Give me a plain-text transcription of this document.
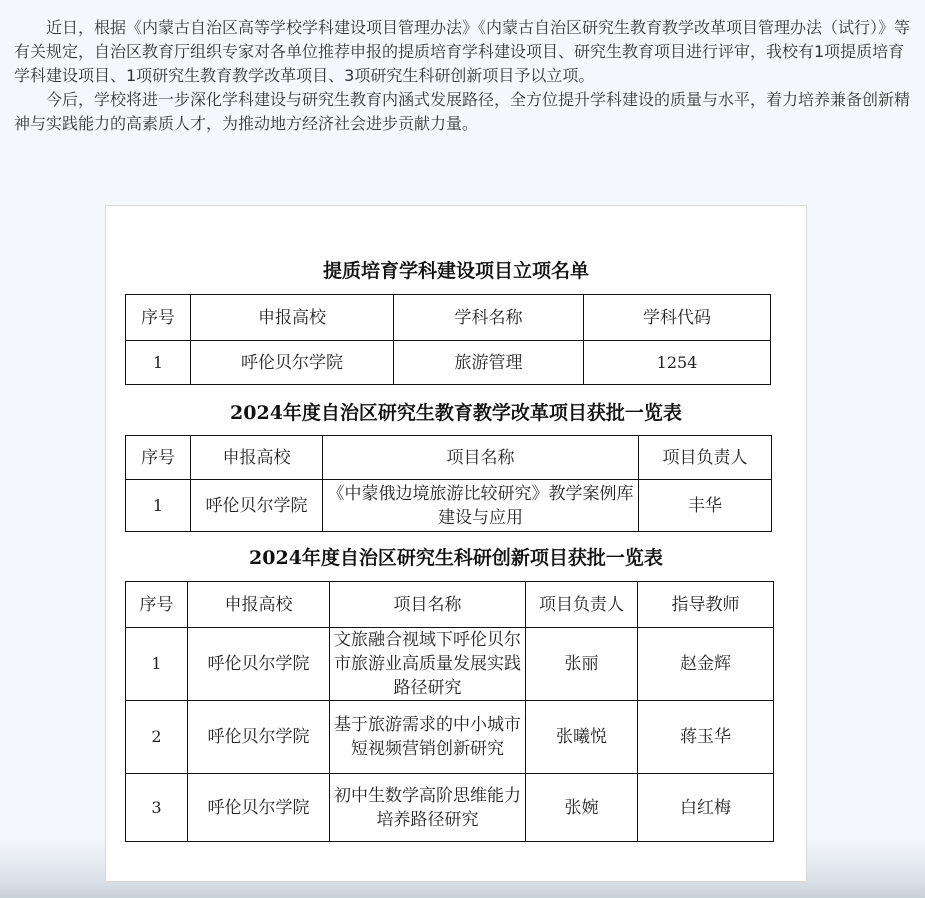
近日，根据《内蒙古自治区高等学校学科建设项目管理办法》《内蒙古自治区研究生教育教学改革项目管理办法（试行）》等有关规定，自治区教育厅组织专家对各单位推荐申报的提质培育学科建设项目、研究生教育项目进行评审，我校有1项提质培育学科建设项目、1项研究生教育教学改革项目、3项研究生科研创新项目予以立项。

今后，学校将进一步深化学科建设与研究生教育内涵式发展路径，全方位提升学科建设的质量与水平，着力培养兼备创新精神与实践能力的高素质人才，为推动地方经济社会进步贡献力量。

提质培育学科建设项目立项名单
序号	申报高校	学科名称	学科代码
1	呼伦贝尔学院	旅游管理	1254
2024年度自治区研究生教育教学改革项目获批一览表
序号	申报高校	项目名称	项目负责人
1	呼伦贝尔学院	《中蒙俄边境旅游比较研究》教学案例库建设与应用	丰华
2024年度自治区研究生科研创新项目获批一览表
序号	申报高校	项目名称	项目负责人	指导教师
1	呼伦贝尔学院	文旅融合视域下呼伦贝尔市旅游业高质量发展实践路径研究	张丽	赵金辉
2	呼伦贝尔学院	基于旅游需求的中小城市短视频营销创新研究	张曦悦	蒋玉华
3	呼伦贝尔学院	初中生数学高阶思维能力培养路径研究	张婉	白红梅
